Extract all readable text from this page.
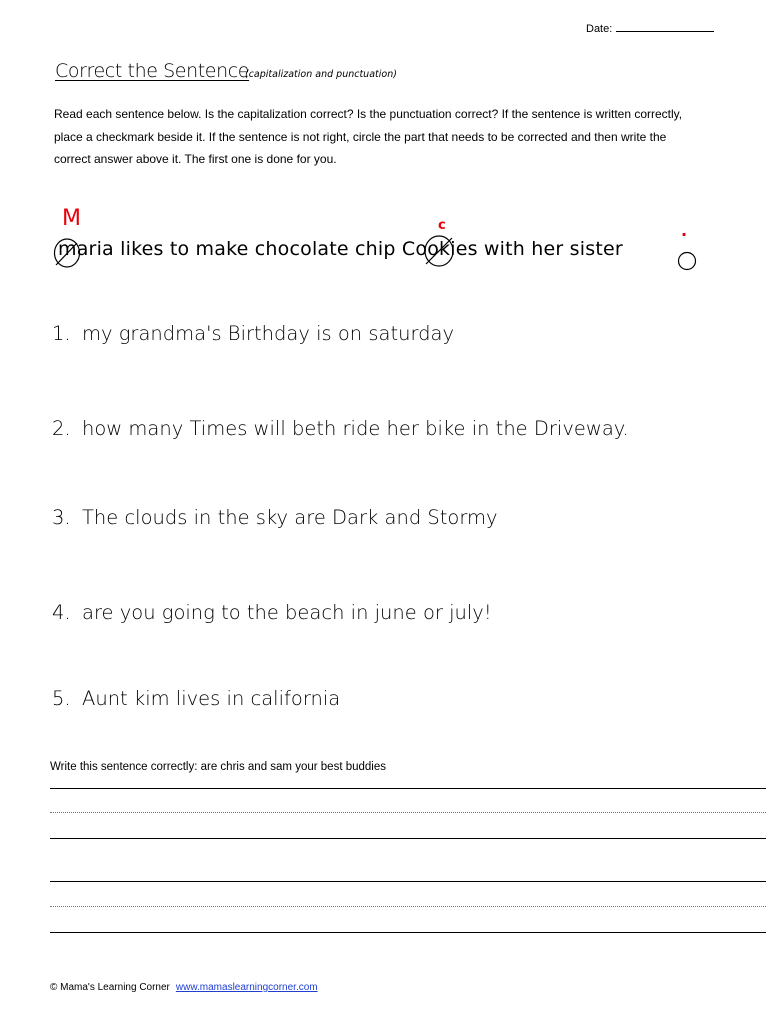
Date:
Correct the Sentence
(capitalization and punctuation)
Read each sentence below. Is the capitalization correct? Is the punctuation correct? If the sentence is written correctly, place a checkmark beside it. If the sentence is not right, circle the part that needs to be corrected and then write the correct answer above it. The first one is done for you.
M	c	.
maria likes to make chocolate chip Cookies with her sister
1. my grandma's Birthday is on saturday
2. how many Times will beth ride her bike in the Driveway.
3. The clouds in the sky are Dark and Stormy
4. are you going to the beach in june or july!
5. Aunt kim lives in california
Write this sentence correctly: are chris and sam your best buddies
© Mama's Learning Corner www.mamaslearningcorner.com
